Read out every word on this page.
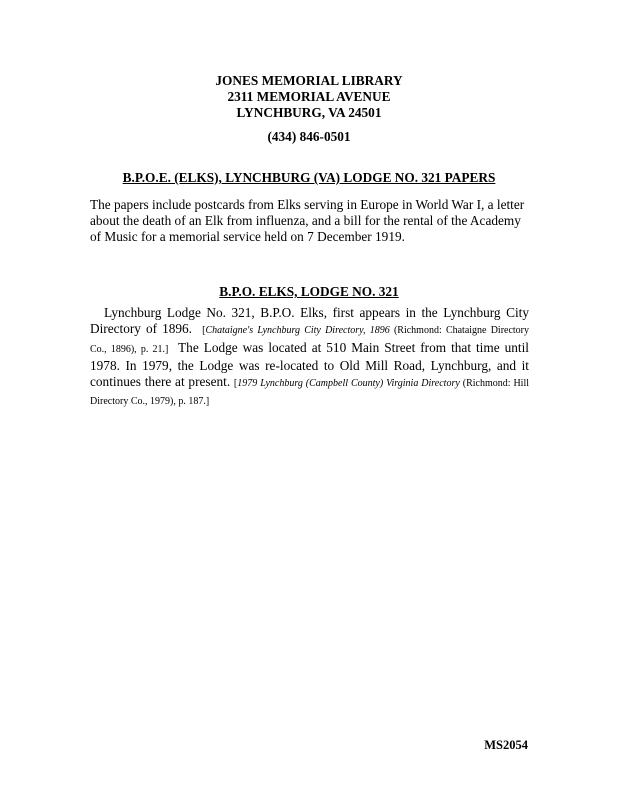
JONES MEMORIAL LIBRARY
2311 MEMORIAL AVENUE
LYNCHBURG, VA 24501
(434) 846-0501
B.P.O.E. (ELKS), LYNCHBURG (VA) LODGE NO. 321 PAPERS
The papers include postcards from Elks serving in Europe in World War I, a letter about the death of an Elk from influenza, and a bill for the rental of the Academy of Music for a memorial service held on 7 December 1919.
B.P.O. ELKS, LODGE NO. 321
Lynchburg Lodge No. 321, B.P.O. Elks, first appears in the Lynchburg City Directory of 1896. [Chataigne's Lynchburg City Directory, 1896 (Richmond: Chataigne Directory Co., 1896), p. 21.] The Lodge was located at 510 Main Street from that time until 1978. In 1979, the Lodge was re-located to Old Mill Road, Lynchburg, and it continues there at present. [1979 Lynchburg (Campbell County) Virginia Directory (Richmond: Hill Directory Co., 1979), p. 187.]
MS2054
